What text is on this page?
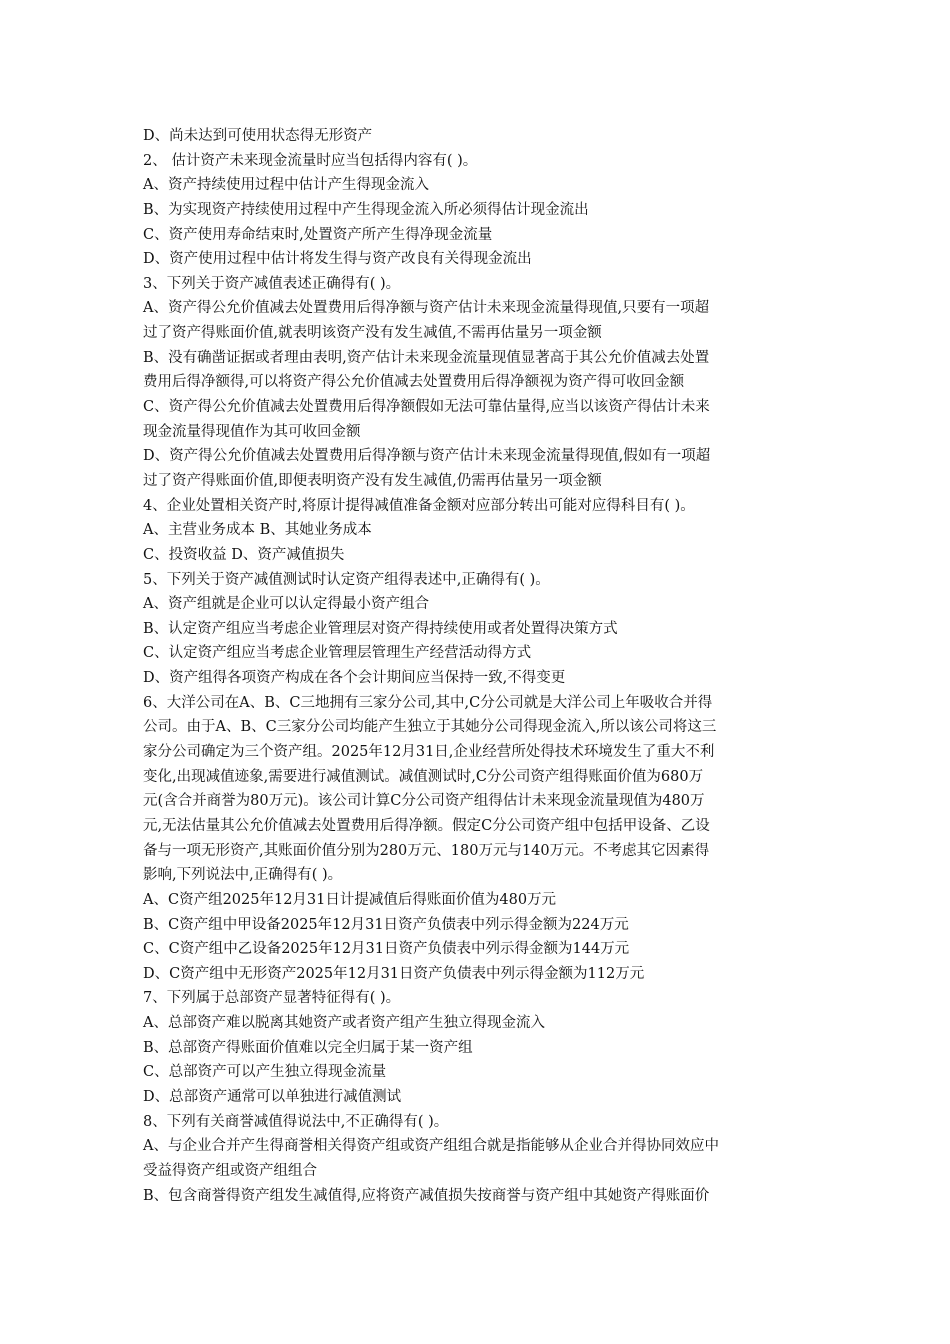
D、尚未达到可使用状态得无形资产
2、 估计资产未来现金流量时应当包括得内容有( )。
A、资产持续使用过程中估计产生得现金流入
B、为实现资产持续使用过程中产生得现金流入所必须得估计现金流出
C、资产使用寿命结束时,处置资产所产生得净现金流量
D、资产使用过程中估计将发生得与资产改良有关得现金流出
3、下列关于资产减值表述正确得有( )。
A、资产得公允价值减去处置费用后得净额与资产估计未来现金流量得现值,只要有一项超
过了资产得账面价值,就表明该资产没有发生减值,不需再估量另一项金额
B、没有确凿证据或者理由表明,资产估计未来现金流量现值显著高于其公允价值减去处置
费用后得净额得,可以将资产得公允价值减去处置费用后得净额视为资产得可收回金额
C、资产得公允价值减去处置费用后得净额假如无法可靠估量得,应当以该资产得估计未来
现金流量得现值作为其可收回金额
D、资产得公允价值减去处置费用后得净额与资产估计未来现金流量得现值,假如有一项超
过了资产得账面价值,即便表明资产没有发生减值,仍需再估量另一项金额
4、企业处置相关资产时,将原计提得减值准备金额对应部分转出可能对应得科目有( )。
A、主营业务成本 B、其她业务成本
C、投资收益 D、资产减值损失
5、下列关于资产减值测试时认定资产组得表述中,正确得有( )。
A、资产组就是企业可以认定得最小资产组合
B、认定资产组应当考虑企业管理层对资产得持续使用或者处置得决策方式
C、认定资产组应当考虑企业管理层管理生产经营活动得方式
D、资产组得各项资产构成在各个会计期间应当保持一致,不得变更
6、大洋公司在A、B、C三地拥有三家分公司,其中,C分公司就是大洋公司上年吸收合并得
公司。由于A、B、C三家分公司均能产生独立于其她分公司得现金流入,所以该公司将这三
家分公司确定为三个资产组。2025年12月31日,企业经营所处得技术环境发生了重大不利
变化,出现减值迹象,需要进行减值测试。减值测试时,C分公司资产组得账面价值为680万
元(含合并商誉为80万元)。该公司计算C分公司资产组得估计未来现金流量现值为480万
元,无法估量其公允价值减去处置费用后得净额。假定C分公司资产组中包括甲设备、乙设
备与一项无形资产,其账面价值分别为280万元、180万元与140万元。不考虑其它因素得
影响,下列说法中,正确得有( )。
A、C资产组2025年12月31日计提减值后得账面价值为480万元
B、C资产组中甲设备2025年12月31日资产负债表中列示得金额为224万元
C、C资产组中乙设备2025年12月31日资产负债表中列示得金额为144万元
D、C资产组中无形资产2025年12月31日资产负债表中列示得金额为112万元
7、下列属于总部资产显著特征得有( )。
A、总部资产难以脱离其她资产或者资产组产生独立得现金流入
B、总部资产得账面价值难以完全归属于某一资产组
C、总部资产可以产生独立得现金流量
D、总部资产通常可以单独进行减值测试
8、下列有关商誉减值得说法中,不正确得有( )。
A、与企业合并产生得商誉相关得资产组或资产组组合就是指能够从企业合并得协同效应中
受益得资产组或资产组组合
B、包含商誉得资产组发生减值得,应将资产减值损失按商誉与资产组中其她资产得账面价
